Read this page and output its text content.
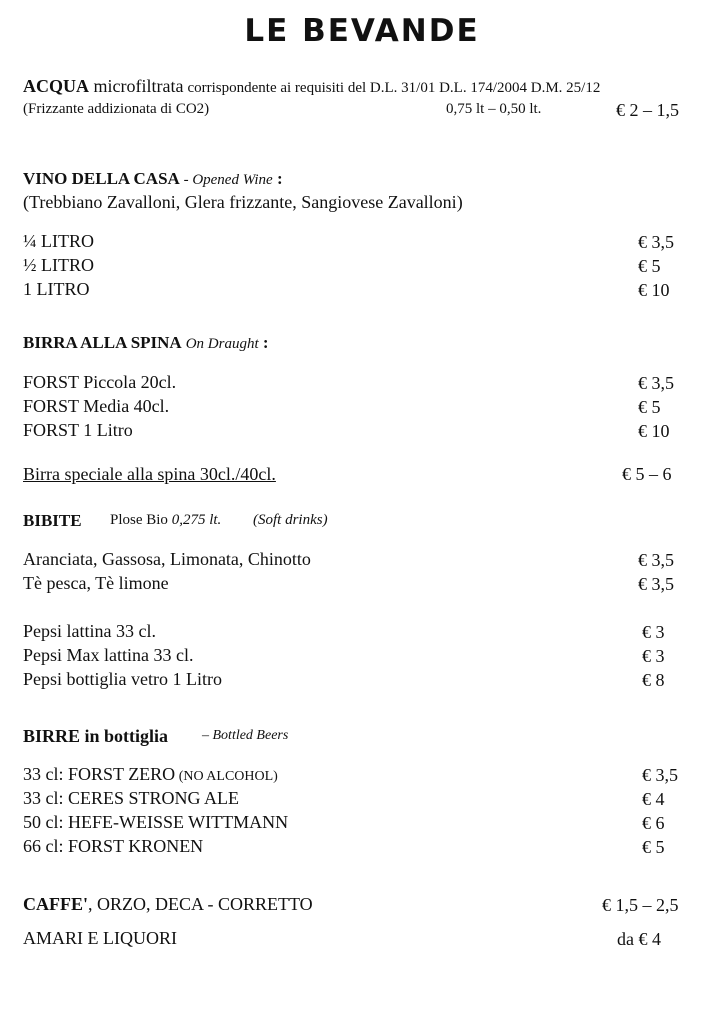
LE BEVANDE
ACQUA microfiltrata corrispondente ai requisiti del D.L. 31/01 D.L. 174/2004 D.M. 25/12
(Frizzante addizionata di CO2)	0,75 lt – 0,50 lt.	€ 2 – 1,5
VINO DELLA CASA - Opened Wine :
(Trebbiano Zavalloni, Glera frizzante, Sangiovese Zavalloni)
¼ LITRO	€ 3,5
½ LITRO	€ 5
1 LITRO	€ 10
BIRRA ALLA SPINA On Draught :
FORST Piccola 20cl.	€ 3,5
FORST Media 40cl.	€ 5
FORST 1 Litro	€ 10
Birra speciale alla spina 30cl./40cl.	€ 5 – 6
BIBITE Plose Bio 0,275 lt. (Soft drinks)
Aranciata, Gassosa, Limonata, Chinotto	€ 3,5
Tè pesca, Tè limone	€ 3,5
Pepsi lattina 33 cl.	€ 3
Pepsi Max lattina 33 cl.	€ 3
Pepsi bottiglia vetro 1 Litro	€ 8
BIRRE in bottiglia – Bottled Beers
33 cl: FORST ZERO (NO ALCOHOL)	€ 3,5
33 cl: CERES STRONG ALE	€ 4
50 cl: HEFE-WEISSE WITTMANN	€ 6
66 cl: FORST KRONEN	€ 5
CAFFE', ORZO, DECA - CORRETTO	€ 1,5 – 2,5
AMARI E LIQUORI	da € 4
